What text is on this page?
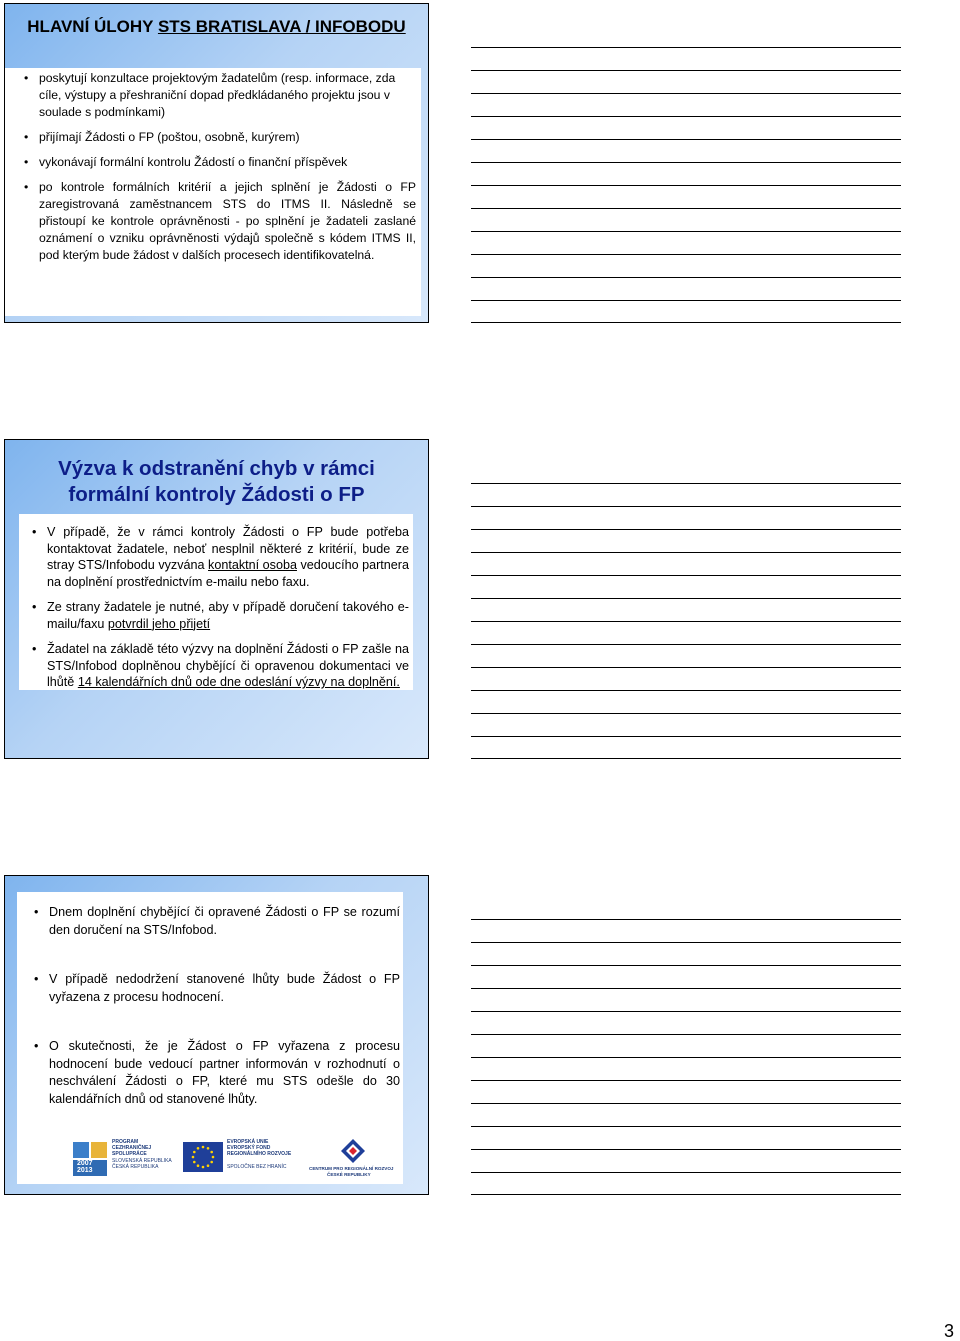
HLAVNÍ ÚLOHY STS BRATISLAVA / INFOBODU
• poskytují konzultace projektovým žadatelům (resp. informace, zda cíle, výstupy a přeshraniční dopad předkládaného projektu jsou v soulade s podmínkami)
• přijímají Žádosti o FP (poštou, osobně, kurýrem)
• vykonávají formální kontrolu Žádostí o finanční příspěvek
• po kontrole formálních kritérií a jejich splnění je Žádosti o FP zaregistrovaná zaměstnancem STS do ITMS II. Následně se přistoupí ke kontrole oprávněnosti - po splnění je žadateli zaslané oznámení o vzniku oprávněnosti výdajů společně s kódem ITMS II, pod kterým bude žádost v dalších procesech identifikovatelná.
Výzva k odstranění chyb v rámci formální kontroly Žádosti o FP
• V případě, že v rámci kontroly Žádosti o FP bude potřeba kontaktovat žadatele, neboť nesplnil některé z kritérií, bude ze stray STS/Infobodu vyzvána kontaktní osoba vedoucího partnera na doplnění prostřednictvím e-mailu nebo faxu.
• Ze strany žadatele je nutné, aby v případě doručení takového e-mailu/faxu potvrdil jeho přijetí
• Žadatel na základě této výzvy na doplnění Žádosti o FP zašle na STS/Infobod doplněnou chybějící či opravenou dokumentaci ve lhůtě 14 kalendářních dnů ode dne odeslání výzvy na doplnění.
• Dnem doplnění chybějící či opravené Žádosti o FP se rozumí den doručení na STS/Infobod.
• V případě nedodržení stanovené lhůty bude Žádost o FP vyřazena z procesu hodnocení.
• O skutečnosti, že je Žádost o FP vyřazena z procesu hodnocení bude vedoucí partner informován v rozhodnutí o neschválení Žádosti o FP, které mu STS odešle do 30 kalendářních dnů od stanovené lhůty.
2007
2013
PROGRAM
CEZHRANIČNEJ
SPOLUPRÁCE
SLOVENSKÁ REPUBLIKA
ČESKÁ REPUBLIKA
EVROPSKÁ UNIE
EVROPSKÝ FOND
REGIONÁLNÍHO ROZVOJE
SPOLOČNE BEZ HRANÍC	CENTRUM PRO REGIONÁLNÍ ROZVOJ
ČESKÉ REPUBLIKY
3
